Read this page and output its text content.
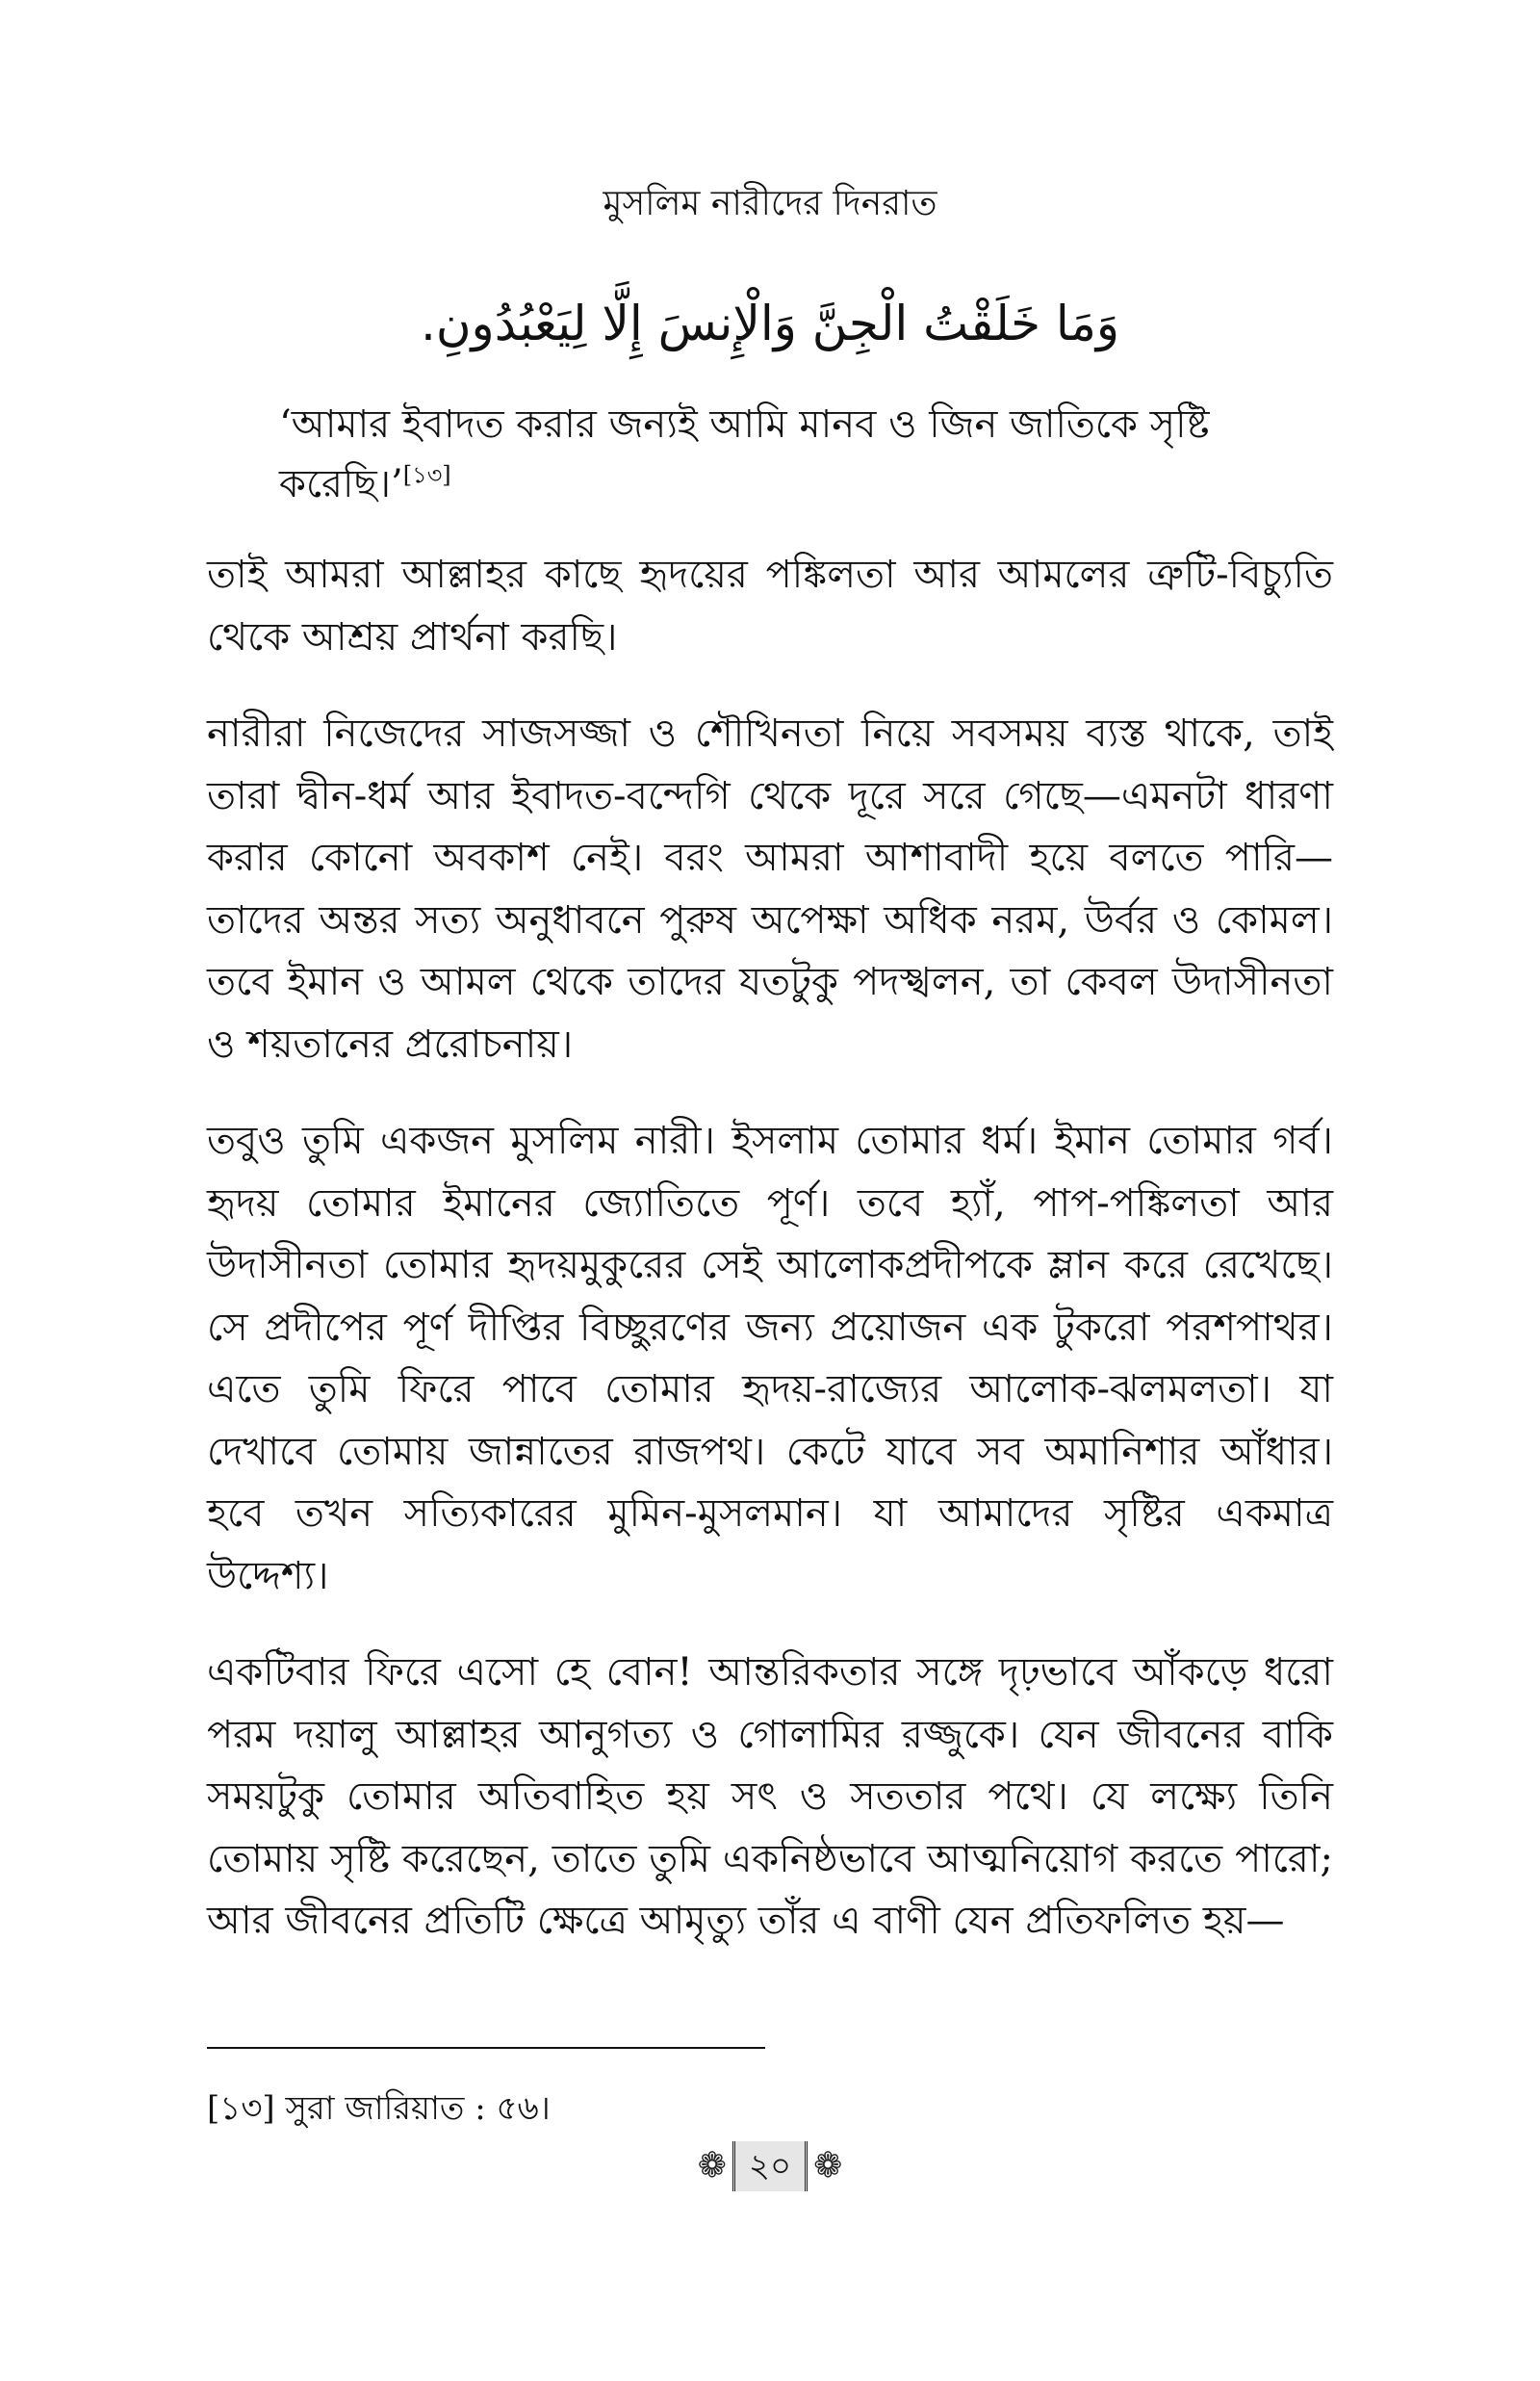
মুসলিম নারীদের দিনরাত
وَمَا خَلَقْتُ الْجِنَّ وَالْإِنسَ إِلَّا لِيَعْبُدُونِ.
‘আমার ইবাদত করার জন্যই আমি মানব ও জিন জাতিকে সৃষ্টি করেছি।’[১৩]

তাই আমরা আল্লাহর কাছে হৃদয়ের পঙ্কিলতা আর আমলের ত্রুটি-বিচ্যুতি থেকে আশ্রয় প্রার্থনা করছি।

নারীরা নিজেদের সাজসজ্জা ও শৌখিনতা নিয়ে সবসময় ব্যস্ত থাকে, তাই তারা দ্বীন-ধর্ম আর ইবাদত-বন্দেগি থেকে দূরে সরে গেছে—এমনটা ধারণা করার কোনো অবকাশ নেই। বরং আমরা আশাবাদী হয়ে বলতে পারি—তাদের অন্তর সত্য অনুধাবনে পুরুষ অপেক্ষা অধিক নরম, উর্বর ও কোমল। তবে ইমান ও আমল থেকে তাদের যতটুকু পদস্খলন, তা কেবল উদাসীনতা ও শয়তানের প্ররোচনায়।

তবুও তুমি একজন মুসলিম নারী। ইসলাম তোমার ধর্ম। ইমান তোমার গর্ব। হৃদয় তোমার ইমানের জ্যোতিতে পূর্ণ। তবে হ্যাঁ, পাপ-পঙ্কিলতা আর উদাসীনতা তোমার হৃদয়মুকুরের সেই আলোকপ্রদীপকে ম্লান করে রেখেছে। সে প্রদীপের পূর্ণ দীপ্তির বিচ্ছুরণের জন্য প্রয়োজন এক টুকরো পরশপাথর। এতে তুমি ফিরে পাবে তোমার হৃদয়-রাজ্যের আলোক-ঝলমলতা। যা দেখাবে তোমায় জান্নাতের রাজপথ। কেটে যাবে সব অমানিশার আঁধার। হবে তখন সত্যিকারের মুমিন-মুসলমান। যা আমাদের সৃষ্টির একমাত্র উদ্দেশ্য।

একটিবার ফিরে এসো হে বোন! আন্তরিকতার সঙ্গে দৃঢ়ভাবে আঁকড়ে ধরো পরম দয়ালু আল্লাহর আনুগত্য ও গোলামির রজ্জুকে। যেন জীবনের বাকি সময়টুকু তোমার অতিবাহিত হয় সৎ ও সততার পথে। যে লক্ষ্যে তিনি তোমায় সৃষ্টি করেছেন, তাতে তুমি একনিষ্ঠভাবে আত্মনিয়োগ করতে পারো; আর জীবনের প্রতিটি ক্ষেত্রে আমৃত্যু তাঁর এ বাণী যেন প্রতিফলিত হয়—

[১৩] সুরা জারিয়াত : ৫৬।
❁ ২০ ❁
